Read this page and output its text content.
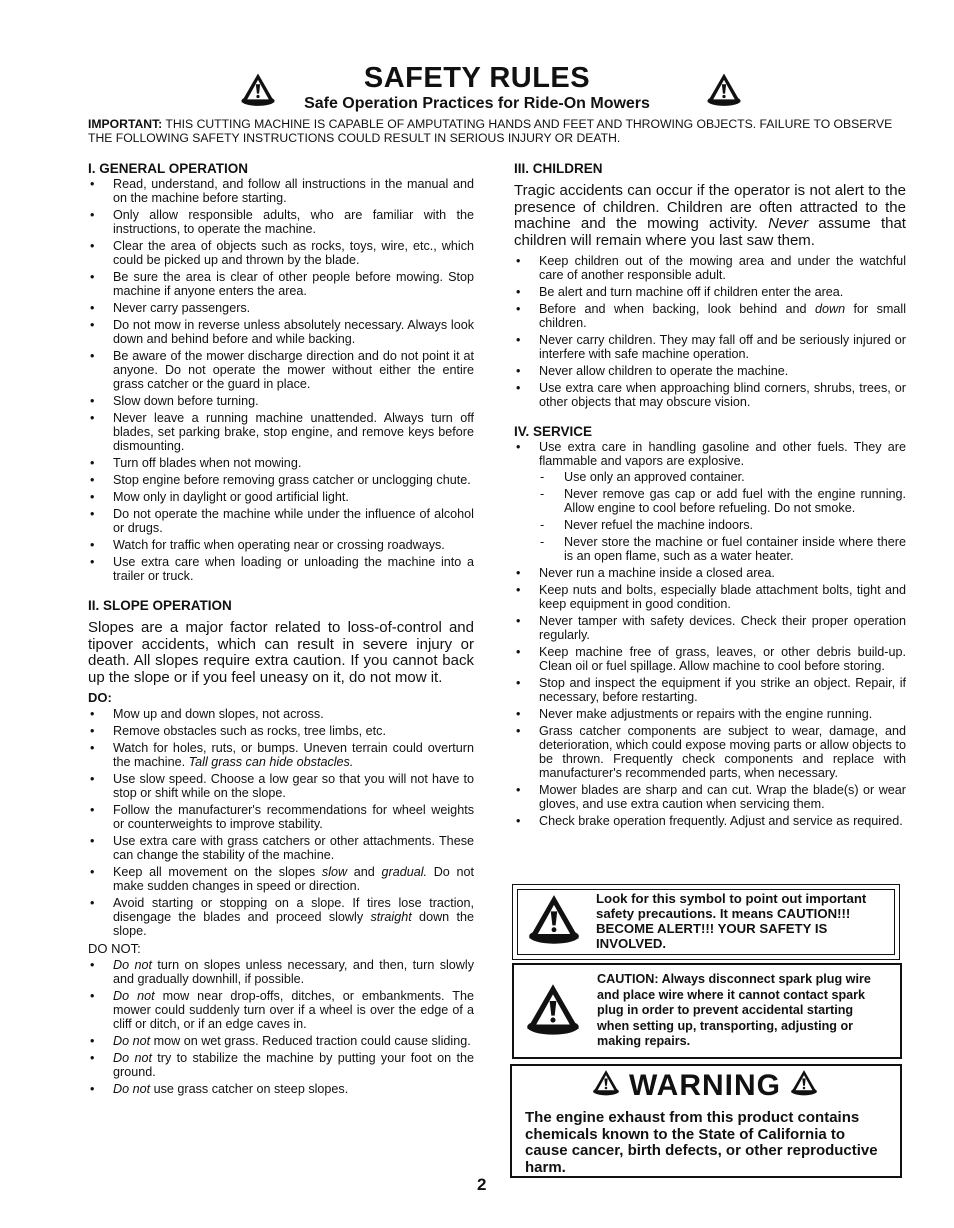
SAFETY RULES
Safe Operation Practices for Ride-On Mowers
IMPORTANT: THIS CUTTING MACHINE IS CAPABLE OF AMPUTATING HANDS AND FEET AND THROWING OBJECTS. FAILURE TO OBSERVE THE FOLLOWING SAFETY INSTRUCTIONS COULD RESULT IN SERIOUS INJURY OR DEATH.
I. GENERAL OPERATION
• Read, understand, and follow all instructions in the manual and on the machine before starting.
• Only allow responsible adults, who are familiar with the instructions, to operate the machine.
• Clear the area of objects such as rocks, toys, wire, etc., which could be picked up and thrown by the blade.
• Be sure the area is clear of other people before mowing. Stop machine if anyone enters the area.
• Never carry passengers.
• Do not mow in reverse unless absolutely necessary. Always look down and behind before and while backing.
• Be aware of the mower discharge direction and do not point it at anyone. Do not operate the mower without either the entire grass catcher or the guard in place.
• Slow down before turning.
• Never leave a running machine unattended. Always turn off blades, set parking brake, stop engine, and remove keys before dismounting.
• Turn off blades when not mowing.
• Stop engine before removing grass catcher or unclogging chute.
• Mow only in daylight or good artificial light.
• Do not operate the machine while under the influence of alcohol or drugs.
• Watch for traffic when operating near or crossing roadways.
• Use extra care when loading or unloading the machine into a trailer or truck.
II. SLOPE OPERATION
Slopes are a major factor related to loss-of-control and tipover accidents, which can result in severe injury or death. All slopes require extra caution. If you cannot back up the slope or if you feel uneasy on it, do not mow it.
DO:
• Mow up and down slopes, not across.
• Remove obstacles such as rocks, tree limbs, etc.
• Watch for holes, ruts, or bumps. Uneven terrain could overturn the machine. Tall grass can hide obstacles.
• Use slow speed. Choose a low gear so that you will not have to stop or shift while on the slope.
• Follow the manufacturer's recommendations for wheel weights or counterweights to improve stability.
• Use extra care with grass catchers or other attachments. These can change the stability of the machine.
• Keep all movement on the slopes slow and gradual. Do not make sudden changes in speed or direction.
• Avoid starting or stopping on a slope. If tires lose traction, disengage the blades and proceed slowly straight down the slope.
DO NOT:
• Do not turn on slopes unless necessary, and then, turn slowly and gradually downhill, if possible.
• Do not mow near drop-offs, ditches, or embankments. The mower could suddenly turn over if a wheel is over the edge of a cliff or ditch, or if an edge caves in.
• Do not mow on wet grass. Reduced traction could cause sliding.
• Do not try to stabilize the machine by putting your foot on the ground.
• Do not use grass catcher on steep slopes.
III. CHILDREN
Tragic accidents can occur if the operator is not alert to the presence of children. Children are often attracted to the machine and the mowing activity. Never assume that children will remain where you last saw them.
• Keep children out of the mowing area and under the watchful care of another responsible adult.
• Be alert and turn machine off if children enter the area.
• Before and when backing, look behind and down for small children.
• Never carry children. They may fall off and be seriously injured or interfere with safe machine operation.
• Never allow children to operate the machine.
• Use extra care when approaching blind corners, shrubs, trees, or other objects that may obscure vision.
IV. SERVICE
• Use extra care in handling gasoline and other fuels. They are flammable and vapors are explosive.
- Use only an approved container.
- Never remove gas cap or add fuel with the engine running. Allow engine to cool before refueling. Do not smoke.
- Never refuel the machine indoors.
- Never store the machine or fuel container inside where there is an open flame, such as a water heater.
• Never run a machine inside a closed area.
• Keep nuts and bolts, especially blade attachment bolts, tight and keep equipment in good condition.
• Never tamper with safety devices. Check their proper operation regularly.
• Keep machine free of grass, leaves, or other debris build-up. Clean oil or fuel spillage. Allow machine to cool before storing.
• Stop and inspect the equipment if you strike an object. Repair, if necessary, before restarting.
• Never make adjustments or repairs with the engine running.
• Grass catcher components are subject to wear, damage, and deterioration, which could expose moving parts or allow objects to be thrown. Frequently check components and replace with manufacturer's recommended parts, when necessary.
• Mower blades are sharp and can cut. Wrap the blade(s) or wear gloves, and use extra caution when servicing them.
• Check brake operation frequently. Adjust and service as required.
Look for this symbol to point out important safety precautions. It means CAUTION!!! BECOME ALERT!!! YOUR SAFETY IS INVOLVED.
CAUTION: Always disconnect spark plug wire and place wire where it cannot contact spark plug in order to prevent accidental starting when setting up, transporting, adjusting or making repairs.
WARNING
The engine exhaust from this product contains chemicals known to the State of California to cause cancer, birth defects, or other reproductive harm.
2
